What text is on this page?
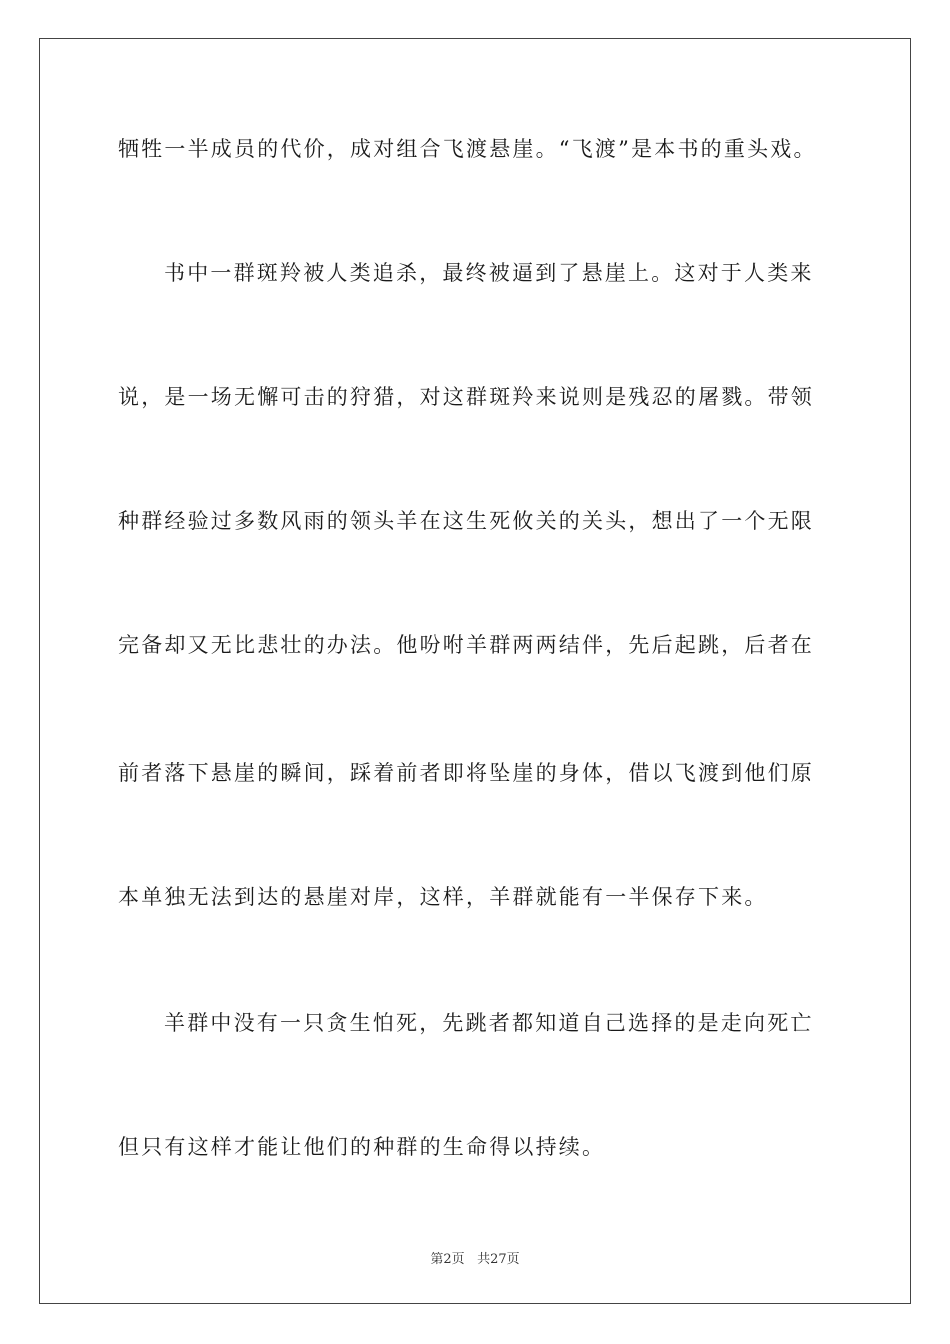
牺牲一半成员的代价，成对组合飞渡悬崖。“飞渡”是本书的重头戏。
书中一群斑羚被人类追杀，最终被逼到了悬崖上。这对于人类来
说，是一场无懈可击的狩猎，对这群斑羚来说则是残忍的屠戮。带领
种群经验过多数风雨的领头羊在这生死攸关的关头，想出了一个无限
完备却又无比悲壮的办法。他吩咐羊群两两结伴，先后起跳，后者在
前者落下悬崖的瞬间，踩着前者即将坠崖的身体，借以飞渡到他们原
本单独无法到达的悬崖对岸，这样，羊群就能有一半保存下来。
羊群中没有一只贪生怕死，先跳者都知道自己选择的是走向死亡
但只有这样才能让他们的种群的生命得以持续。
第2页 共27页
